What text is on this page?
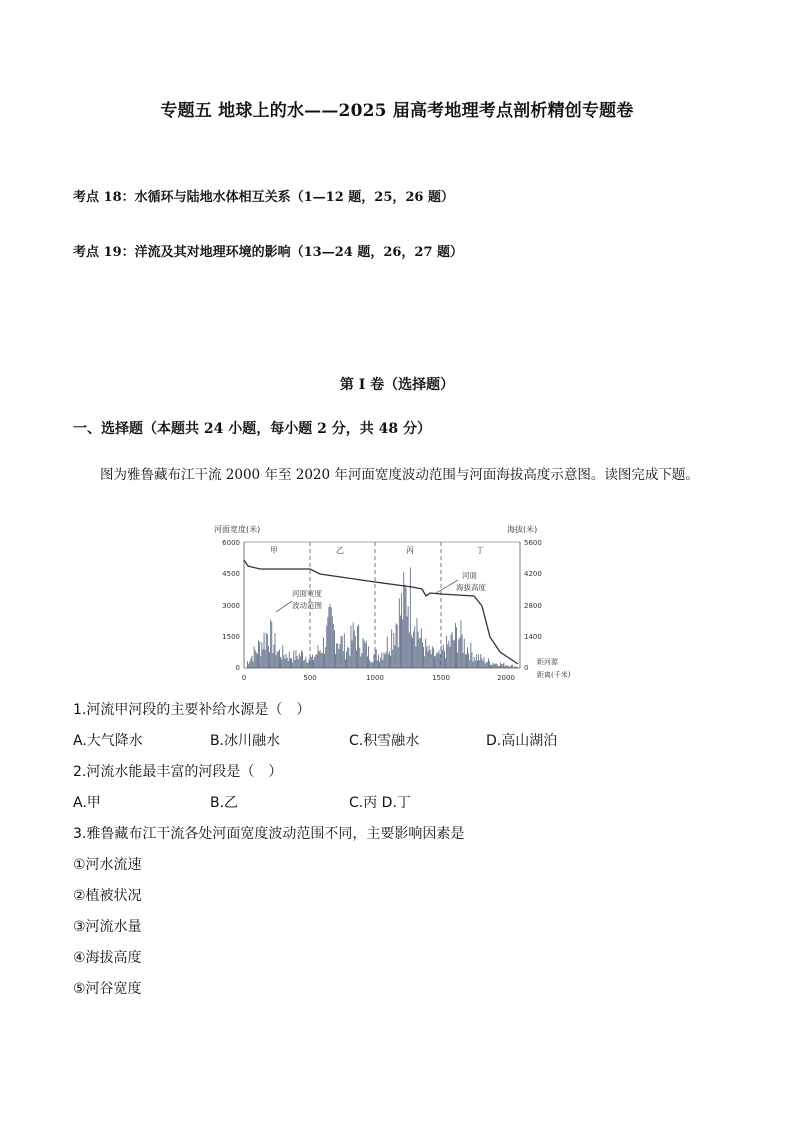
专题五 地球上的水——2025 届高考地理考点剖析精创专题卷
考点 18：水循环与陆地水体相互关系（1—12 题，25，26 题）
考点 19：洋流及其对地理环境的影响（13—24 题，26，27 题）
第 I 卷（选择题）
一、选择题（本题共 24 小题，每小题 2 分，共 48 分）
图为雅鲁藏布江干流 2000 年至 2020 年河面宽度波动范围与河面海拔高度示意图。读图完成下题。
河面宽度(米)	海拔(米)
6000
4500
3000
1500
0
5600
4200
2800
1400
0
0	500	1000	1500	2000
距河源
距离(千米)
甲	乙	丙	丁
河面宽度
波动范围
河面
海拔高度
1.河流甲河段的主要补给水源是（　）
A.大气降水	B.冰川融水	C.积雪融水	D.高山湖泊
2.河流水能最丰富的河段是（　）
A.甲	B.乙	C.丙 D.丁
3.雅鲁藏布江干流各处河面宽度波动范围不同，主要影响因素是
①河水流速
②植被状况
③河流水量
④海拔高度
⑤河谷宽度
